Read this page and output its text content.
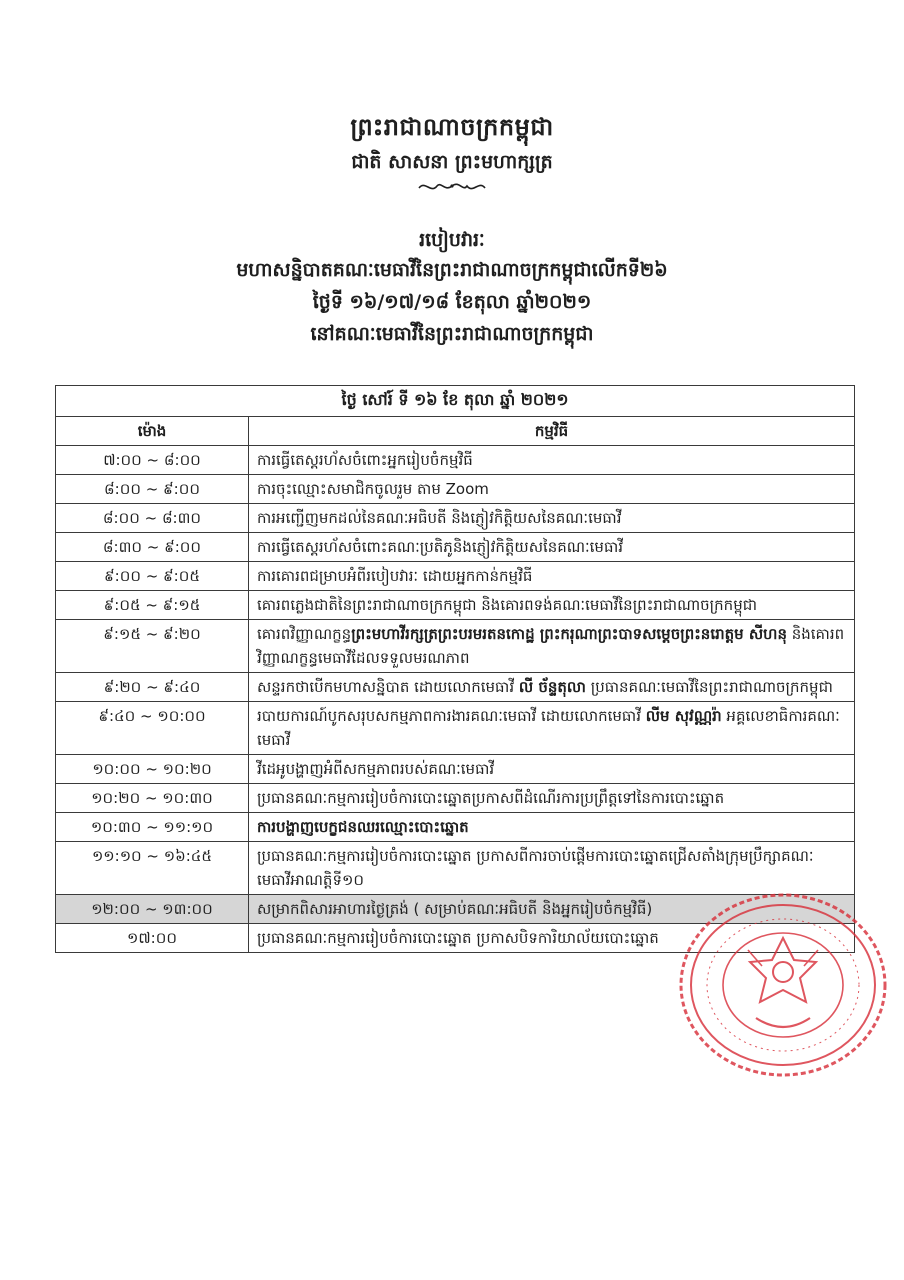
ព្រះរាជាណាចក្រកម្ពុជា
ជាតិ សាសនា ព្រះមហាក្សត្រ
របៀបវារៈ
មហាសន្និបាតគណៈមេធាវីនៃព្រះរាជាណាចក្រកម្ពុជាលើកទី២៦
ថ្ងៃទី ១៦/១៧/១៨ ខែតុលា ឆ្នាំ២០២១
នៅគណៈមេធាវីនៃព្រះរាជាណាចក្រកម្ពុជា
ថ្ងៃ សៅរ៍ ទី ១៦ ខែ តុលា ឆ្នាំ ២០២១	
ម៉ោង	កម្មវិធី
៧:០០ ~ ៨:០០	ការធ្វើតេស្តរហ័សចំពោះអ្នករៀបចំកម្មវិធី
៨:០០ ~ ៩:០០	ការចុះឈ្មោះសមាជិកចូលរួម តាម Zoom
៨:០០ ~ ៨:៣០	ការអញ្ជើញមកដល់នៃគណៈអធិបតី និងភ្ញៀវកិត្តិយសនៃគណៈមេធាវី
៨:៣០ ~ ៩:០០	ការធ្វើតេស្តរហ័សចំពោះគណៈប្រតិភូនិងភ្ញៀវកិត្តិយសនៃគណៈមេធាវី
៩:០០ ~ ៩:០៥	ការគោរពជម្រាបអំពីរបៀបវារៈ ដោយអ្នកកាន់កម្មវិធី
៩:០៥ ~ ៩:១៥	គោរពភ្លេងជាតិនៃព្រះរាជាណាចក្រកម្ពុជា និងគោរពទង់គណៈមេធាវីនៃព្រះរាជាណាចក្រកម្ពុជា
៩:១៥ ~ ៩:២០	គោរពវិញ្ញាណក្ខន្ធព្រះមហាវីរក្សត្រព្រះបរមរតនកោដ្ឋ ព្រះករុណាព្រះបាទសម្តេចព្រះនរោត្តម សីហនុ និងគោរពវិញ្ញាណក្ខន្ធមេធាវីដែលទទួលមរណភាព
៩:២០ ~ ៩:៤០	សន្ទរកថាបើកមហាសន្និបាត ដោយលោកមេធាវី លី ច័ន្ទតុលា ប្រធានគណៈមេធាវីនៃព្រះរាជាណាចក្រកម្ពុជា
៩:៤០ ~ ១០:០០	របាយការណ៍បូកសរុបសកម្មភាពការងារគណៈមេធាវី ដោយលោកមេធាវី លីម សុវណ្ណរ៉ា អគ្គលេខាធិការគណៈមេធាវី
១០:០០ ~ ១០:២០	វីដេអូបង្ហាញអំពីសកម្មភាពរបស់គណៈមេធាវី
១០:២០ ~ ១០:៣០	ប្រធានគណៈកម្មការរៀបចំការបោះឆ្នោតប្រកាសពីដំណើរការប្រព្រឹត្តទៅនៃការបោះឆ្នោត
១០:៣០ ~ ១១:១០	ការបង្ហាញបេក្ខជនឈរឈ្មោះបោះឆ្នោត
១១:១០ ~ ១៦:៤៥	ប្រធានគណៈកម្មការរៀបចំការបោះឆ្នោត ប្រកាសពីការចាប់ផ្តើមការបោះឆ្នោតជ្រើសតាំងក្រុមប្រឹក្សាគណៈមេធាវីអាណត្តិទី១០
១២:០០ ~ ១៣:០០	សម្រាកពិសារអាហារថ្ងៃត្រង់ ( សម្រាប់គណៈអធិបតី និងអ្នករៀបចំកម្មវិធី)
១៧:០០	ប្រធានគណៈកម្មការរៀបចំការបោះឆ្នោត ប្រកាសបិទការិយាល័យបោះឆ្នោត
